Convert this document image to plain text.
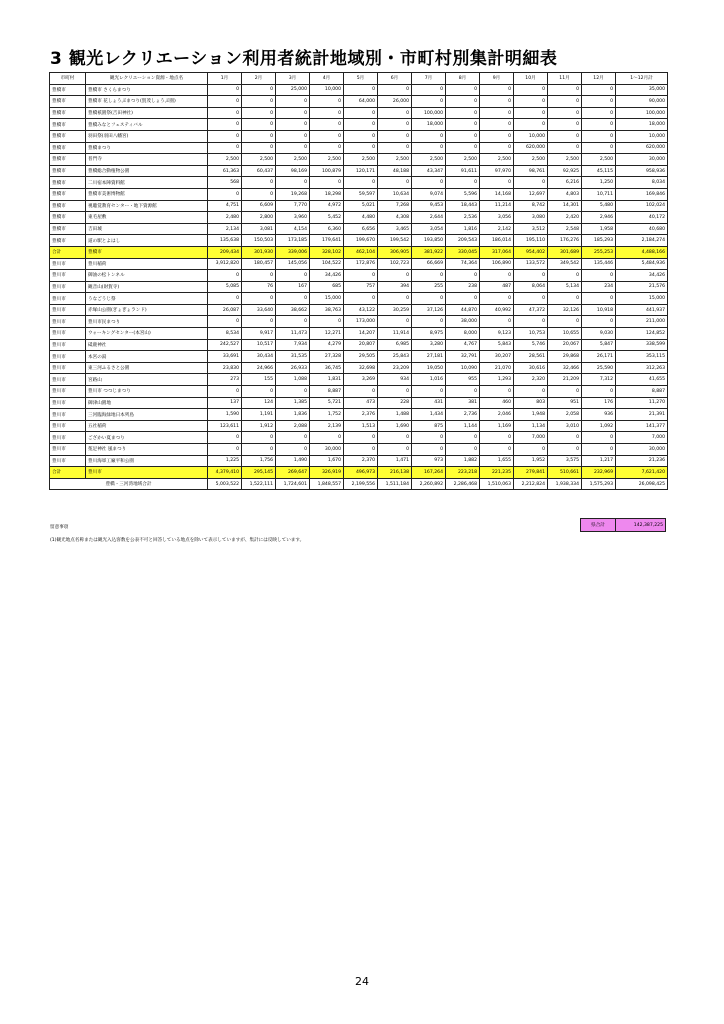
3 観光レクリエーション利用者統計地域別・市町村別集計明細表
市町村	観光レクリエーション資源・地点名	1月	2月	3月	4月	5月	6月	7月	8月	9月	10月	11月	12月	1～12月計
豊橋市	豊橋市 さくらまつり	0	0	25,000	10,000	0	0	0	0	0	0	0	0	35,000
豊橋市	豊橋市 花しょうぶまつり(賀茂しょうぶ園)	0	0	0	0	64,000	26,000	0	0	0	0	0	0	90,000
豊橋市	豊橋祇園祭(吉田神社)	0	0	0	0	0	0	100,000	0	0	0	0	0	100,000
豊橋市	豊橋みなとフェスティバル	0	0	0	0	0	0	18,000	0	0	0	0	0	18,000
豊橋市	羽田祭(羽田八幡宮)	0	0	0	0	0	0	0	0	0	10,000	0	0	10,000
豊橋市	豊橋まつり	0	0	0	0	0	0	0	0	0	620,000	0	0	620,000
豊橋市	普門寺	2,500	2,500	2,500	2,500	2,500	2,500	2,500	2,500	2,500	2,500	2,500	2,500	30,000
豊橋市	豊橋総合動植物公園	61,363	60,437	98,169	100,879	120,171	48,188	43,347	91,611	97,970	98,761	92,925	45,115	958,936
豊橋市	二川宿本陣資料館	568	0	0	0	0	0	0	0	0	0	6,216	1,250	8,034
豊橋市	豊橋市美術博物館	0	0	19,268	18,298	59,597	10,634	9,074	5,596	14,168	12,697	4,803	10,711	169,846
豊橋市	視聴覚教育センター・地下資源館	4,751	6,609	7,770	4,972	5,021	7,268	9,453	18,443	11,214	8,742	14,301	5,480	102,024
豊橋市	東毛屋敷	2,480	2,800	3,960	5,452	4,480	4,308	2,644	2,536	3,056	3,080	2,420	2,946	40,172
豊橋市	吉田城	2,134	3,081	4,154	6,360	6,656	3,465	3,054	1,816	2,142	3,512	2,548	1,958	40,680
豊橋市	道の駅とよはし	135,638	150,503	173,185	179,641	199,670	199,542	193,850	209,543	186,014	195,110	176,276	185,293	2,184,274
合計	豊橋市	209,434	301,930	339,006	328,102	462,104	306,905	381,922	330,045	317,064	954,402	301,689	255,253	4,488,166
豊川市	豊川稲荷	3,912,820	180,457	145,056	104,522	172,876	102,723	66,669	74,364	106,890	133,572	349,542	135,446	5,484,936
豊川市	御油の松トンネル	0	0	0	34,426	0	0	0	0	0	0	0	0	34,426
豊川市	観音山(財賀寺)	5,085	76	167	685	757	394	255	238	487	8,064	5,134	234	21,576
豊川市	うなごうじ祭	0	0	0	15,000	0	0	0	0	0	0	0	0	15,000
豊川市	赤塚山公園(ぎょぎょランド)	26,087	33,640	38,662	38,763	43,122	30,259	37,126	44,870	40,992	47,372	32,126	10,918	441,937
豊川市	豊川市民まつり	0	0	0	0	173,000	0	0	38,000	0	0	0	0	211,000
豊川市	ウォーキングセンター(本宮山)	8,534	9,917	11,473	12,271	14,207	11,914	8,975	8,000	9,123	10,753	10,655	9,030	124,852
豊川市	砥鹿神社	242,527	10,517	7,934	4,279	20,807	6,985	3,280	4,767	5,843	5,746	20,067	5,847	338,599
豊川市	本宮の湯	33,691	30,434	31,535	27,328	29,505	25,843	27,181	32,791	30,207	28,561	29,868	26,171	353,115
豊川市	東三河ふるさと公園	23,830	24,966	26,933	36,745	32,698	23,209	19,050	10,090	21,070	30,616	32,466	25,590	312,263
豊川市	宮路山	273	155	1,088	1,831	3,269	934	1,016	955	1,293	2,320	21,209	7,312	41,655
豊川市	豊川市 つつじまつり	0	0	0	8,887	0	0	0	0	0	0	0	0	8,887
豊川市	御津山園地	137	124	1,385	5,721	473	228	431	381	460	803	951	176	11,270
豊川市	三河臨海緑地日本列島	1,590	1,191	1,836	1,752	2,376	1,488	1,434	2,736	2,046	1,948	2,058	936	21,391
豊川市	五社稲荷	123,611	1,912	2,088	2,139	1,513	1,690	875	1,144	1,169	1,134	3,010	1,092	141,377
豊川市	ござかい夏まつり	0	0	0	0	0	0	0	0	0	7,000	0	0	7,000
豊川市	菟足神社 風まつり	0	0	0	30,000	0	0	0	0	0	0	0	0	30,000
豊川市	豊川海軍工廠平和公園	1,225	1,756	1,490	1,670	2,370	1,471	973	1,882	1,655	1,952	3,575	1,217	21,236
合計	豊川市	4,379,410	295,145	269,647	326,919	496,973	216,138	167,264	223,218	221,235	279,841	510,661	232,969	7,621,420
豊橋・三河湾地域合計		5,003,522	1,522,111	1,724,601	1,848,557	2,199,556	1,511,184	2,260,892	2,286,468	1,510,063	2,212,824	1,938,334	1,575,293	26,098,425
留意事項
(1)観光地点名称または観光入込客数を公表不可と回答している地点を除いて表示していますが、集計には反映しています。
県合計	142,387,225
24
